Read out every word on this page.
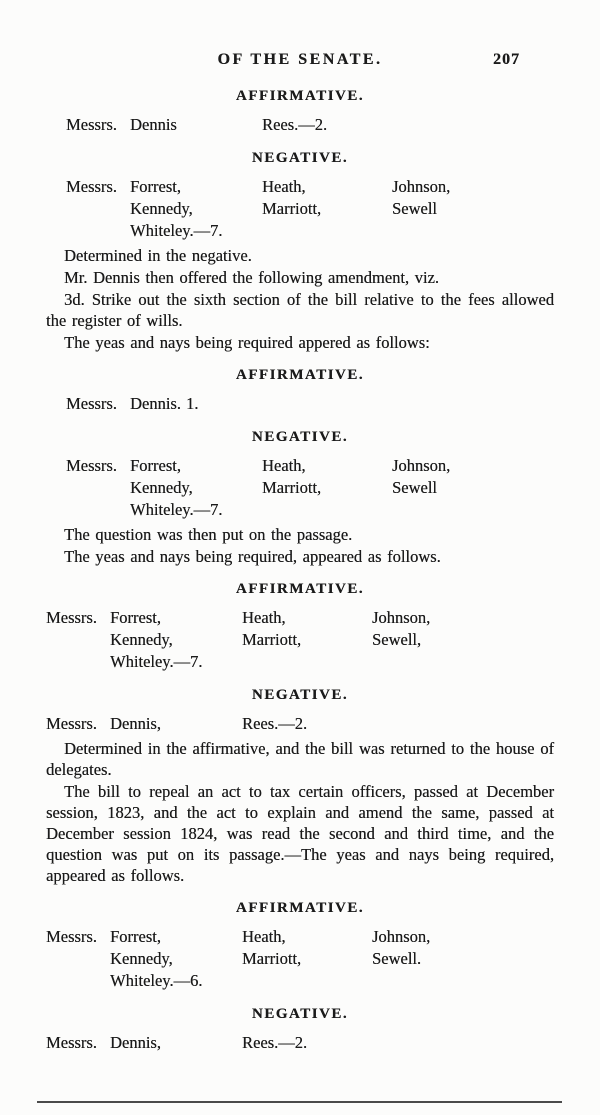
OF THE SENATE.	207
AFFIRMATIVE.
Messrs. Dennis	Rees.—2.
NEGATIVE.
Messrs. Forrest,	Heath,	Johnson,
Kennedy,	Marriott,	Sewell
Whiteley.—7.

Determined in the negative.

Mr. Dennis then offered the following amendment, viz.

3d. Strike out the sixth section of the bill relative to the fees allowed the register of wills.

The yeas and nays being required appered as follows:

AFFIRMATIVE.
Messrs. Dennis. 1.
NEGATIVE.
Messrs. Forrest,	Heath,	Johnson,
Kennedy,	Marriott,	Sewell
Whiteley.—7.

The question was then put on the passage.

The yeas and nays being required, appeared as follows.

AFFIRMATIVE.
Messrs. Forrest,	Heath,	Johnson,
Kennedy,	Marriott,	Sewell,
Whiteley.—7.
NEGATIVE.
Messrs. Dennis,	Rees.—2.

Determined in the affirmative, and the bill was returned to the house of delegates.

The bill to repeal an act to tax certain officers, passed at December session, 1823, and the act to explain and amend the same, passed at December session 1824, was read the second and third time, and the question was put on its passage.—The yeas and nays being required, appeared as follows.

AFFIRMATIVE.
Messrs. Forrest,	Heath,	Johnson,
Kennedy,	Marriott,	Sewell.
Whiteley.—6.
NEGATIVE.
Messrs. Dennis,	Rees.—2.
